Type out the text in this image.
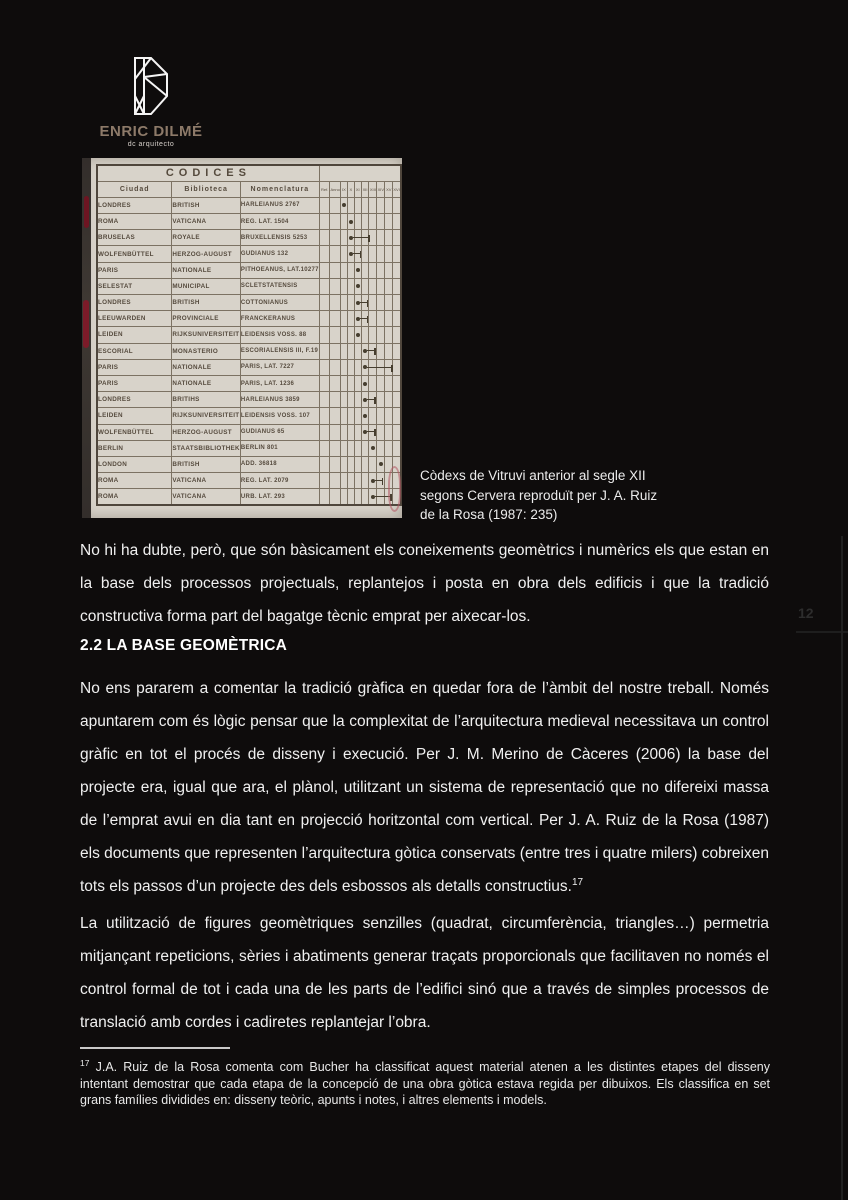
ENRIC DILMÉ
dc arquitecto
CODICES												
Ciudad	Biblioteca	Nomenclatura	Ref.	Anno	IX	X	XI	XII	XIII	XIV	XV	XVI
LONDRES	BRITISH	HARLEIANUS 2767			

ROMA	VATICANA	REG. LAT. 1504				

BRUSELAS	ROYALE	BRUXELLENSIS 5253				

WOLFENBÜTTEL	HERZOG-AUGUST	GUDIANUS 132				

PARIS	NATIONALE	PITHOEANUS, LAT.10277					

SELESTAT	MUNICIPAL	SCLETSTATENSIS					

LONDRES	BRITISH	COTTONIANUS					

LEEUWARDEN	PROVINCIALE	FRANCKERANUS					

LEIDEN	RIJKSUNIVERSITEIT	LEIDENSIS VOSS. 88					

ESCORIAL	MONASTERIO	ESCORIALENSIS III, F.19						

PARIS	NATIONALE	PARIS, LAT. 7227						

PARIS	NATIONALE	PARIS, LAT. 1236						

LONDRES	BRITIHS	HARLEIANUS 3859						

LEIDEN	RIJKSUNIVERSITEIT	LEIDENSIS VOSS. 107						

WOLFENBÜTTEL	HERZOG-AUGUST	GUDIANUS 65						

BERLIN	STAATSBIBLIOTHEK	BERLIN 801							

LONDON	BRITISH	ADD. 36818								

ROMA	VATICANA	REG. LAT. 2079							

ROMA	VATICANA	URB. LAT. 293							

Còdexs de Vitruvi anterior al segle XII
segons Cervera reproduït per J. A. Ruiz
de la Rosa (1987: 235)

No hi ha dubte, però, que són bàsicament els coneixements geomètrics i numèrics els que estan en la base dels processos projectuals, replantejos i posta en obra dels edificis i que la tradició constructiva forma part del bagatge tècnic emprat per aixecar-los.

2.2 LA BASE GEOMÈTRICA

No ens pararem a comentar la tradició gràfica en quedar fora de l’àmbit del nostre treball. Només apuntarem com és lògic pensar que la complexitat de l’arquitectura medieval necessitava un control gràfic en tot el procés de disseny i execució. Per J. M. Merino de Càceres (2006) la base del projecte era, igual que ara, el plànol, utilitzant un sistema de representació que no difereixi massa de l’emprat avui en dia tant en projecció horitzontal com vertical. Per J. A. Ruiz de la Rosa (1987) els documents que representen l’arquitectura gòtica conservats (entre tres i quatre milers) cobreixen tots els passos d’un projecte des dels esbossos als detalls constructius.$^{17}$

La utilització de figures geomètriques senzilles (quadrat, circumferència, triangles…) permetria mitjançant repeticions, sèries i abatiments generar traçats proporcionals que facilitaven no només el control formal de tot i cada una de les parts de l’edifici sinó que a través de simples processos de translació amb cordes i cadiretes replantejar l’obra.

$^{17}$ J.A. Ruiz de la Rosa comenta com Bucher ha classificat aquest material atenen a les distintes etapes del disseny intentant demostrar que cada etapa de la concepció de una obra gòtica estava regida per dibuixos. Els classifica en set grans famílies dividides en: disseny teòric, apunts i notes, i altres elements i models.

12
